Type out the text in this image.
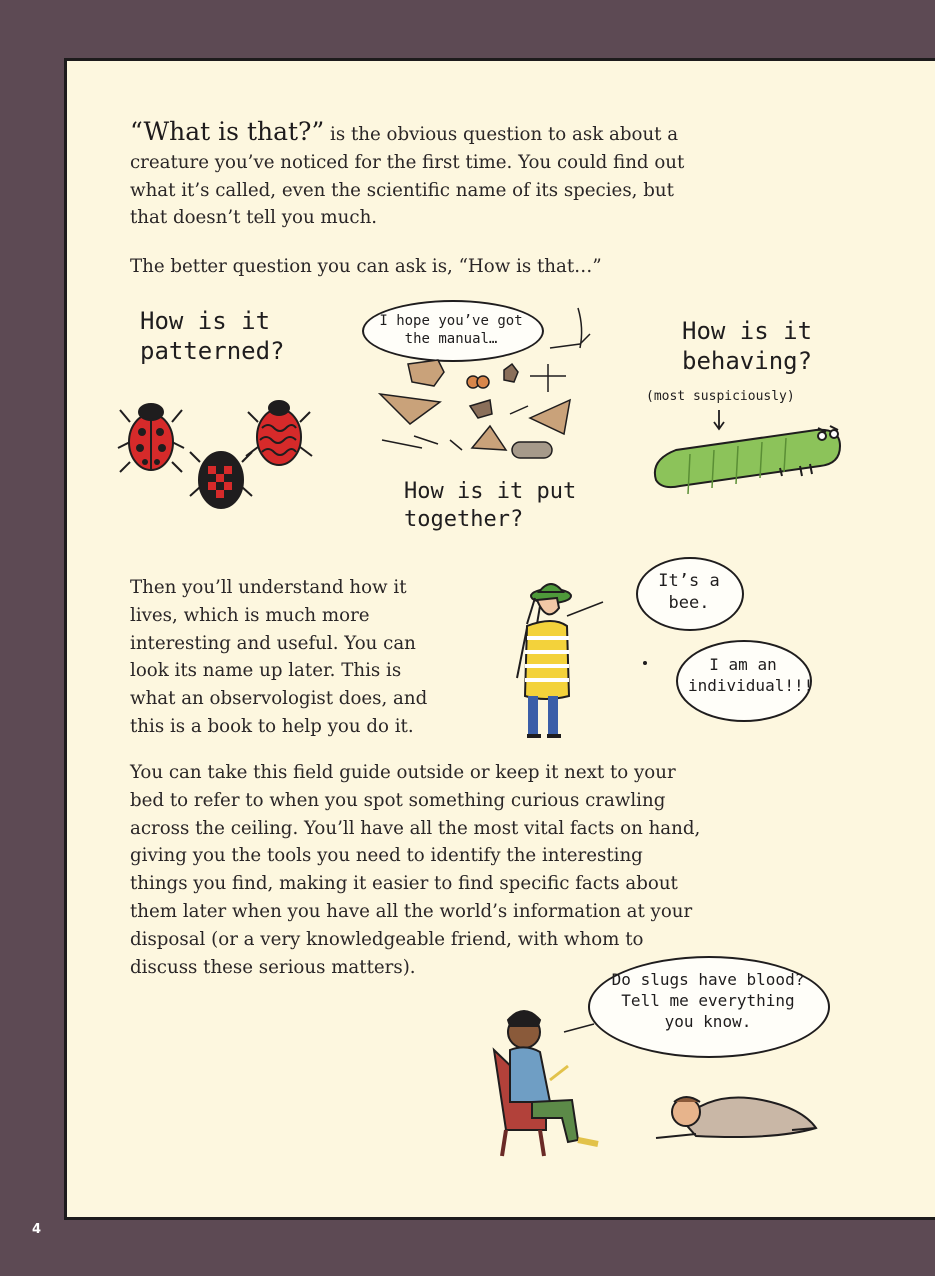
“What is that?” is the obvious question to ask about a creature you’ve noticed for the first time. You could find out what it’s called, even the scientific name of its species, but that doesn’t tell you much.

The better question you can ask is, “How is that…”

How is it patterned?
I hope you’ve got the manual…
How is it put together?
How is it behaving?
(most suspiciously)

Then you’ll understand how it lives, which is much more interesting and useful. You can look its name up later. This is what an observologist does, and this is a book to help you do it.

It’s a bee.
I am an individual!!!

You can take this field guide outside or keep it next to your bed to refer to when you spot something curious crawling across the ceiling. You’ll have all the most vital facts on hand, giving you the tools you need to identify the interesting things you find, making it easier to find specific facts about them later when you have all the world’s information at your disposal (or a very knowledgeable friend, with whom to discuss these serious matters).

Do slugs have blood? Tell me everything you know.
4
